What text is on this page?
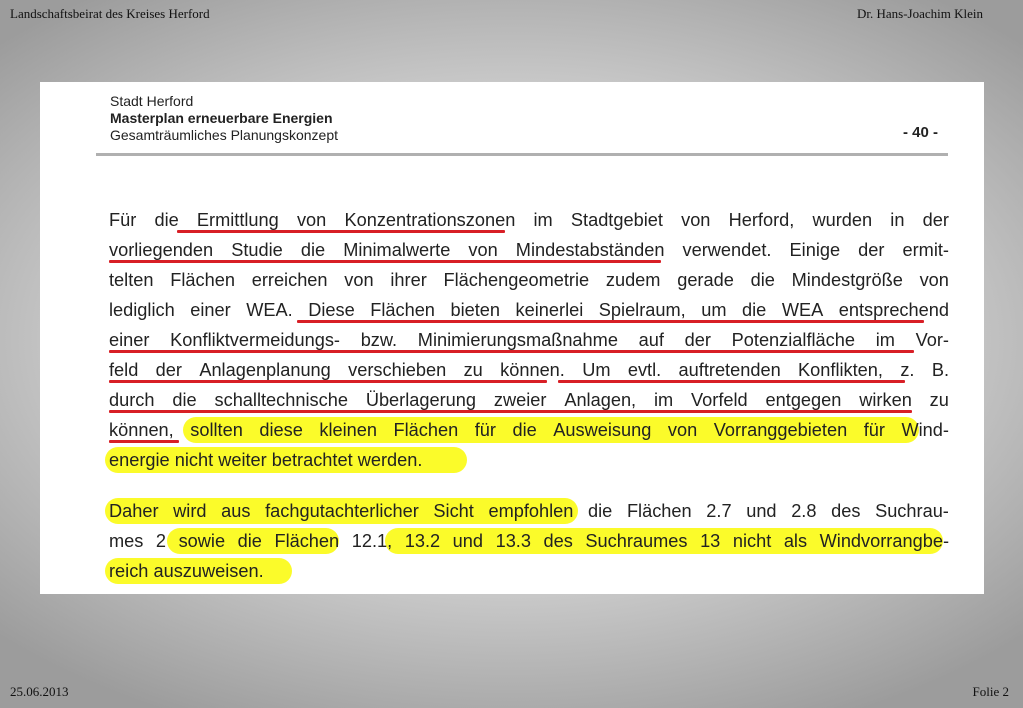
Landschaftsbeirat des Kreises Herford	Dr. Hans-Joachim Klein
Stadt Herford
Masterplan erneuerbare Energien
Gesamträumliches Planungskonzept	- 40 -
Für die Ermittlung von Konzentrationszonen im Stadtgebiet von Herford, wurden in der
vorliegenden Studie die Minimalwerte von Mindestabständen verwendet. Einige der ermit-
telten Flächen erreichen von ihrer Flächengeometrie zudem gerade die Mindestgröße von
lediglich einer WEA. Diese Flächen bieten keinerlei Spielraum, um die WEA entsprechend
einer Konfliktvermeidungs- bzw. Minimierungsmaßnahme auf der Potenzialfläche im Vor-
feld der Anlagenplanung verschieben zu können. Um evtl. auftretenden Konflikten, z. B.
durch die schalltechnische Überlagerung zweier Anlagen, im Vorfeld entgegen wirken zu
können, sollten diese kleinen Flächen für die Ausweisung von Vorranggebieten für Wind-
energie nicht weiter betrachtet werden.
Daher wird aus fachgutachterlicher Sicht empfohlen die Flächen 2.7 und 2.8 des Suchrau-
mes 2 sowie die Flächen 12.1, 13.2 und 13.3 des Suchraumes 13 nicht als Windvorrangbe-
reich auszuweisen.
25.06.2013	Folie 2
